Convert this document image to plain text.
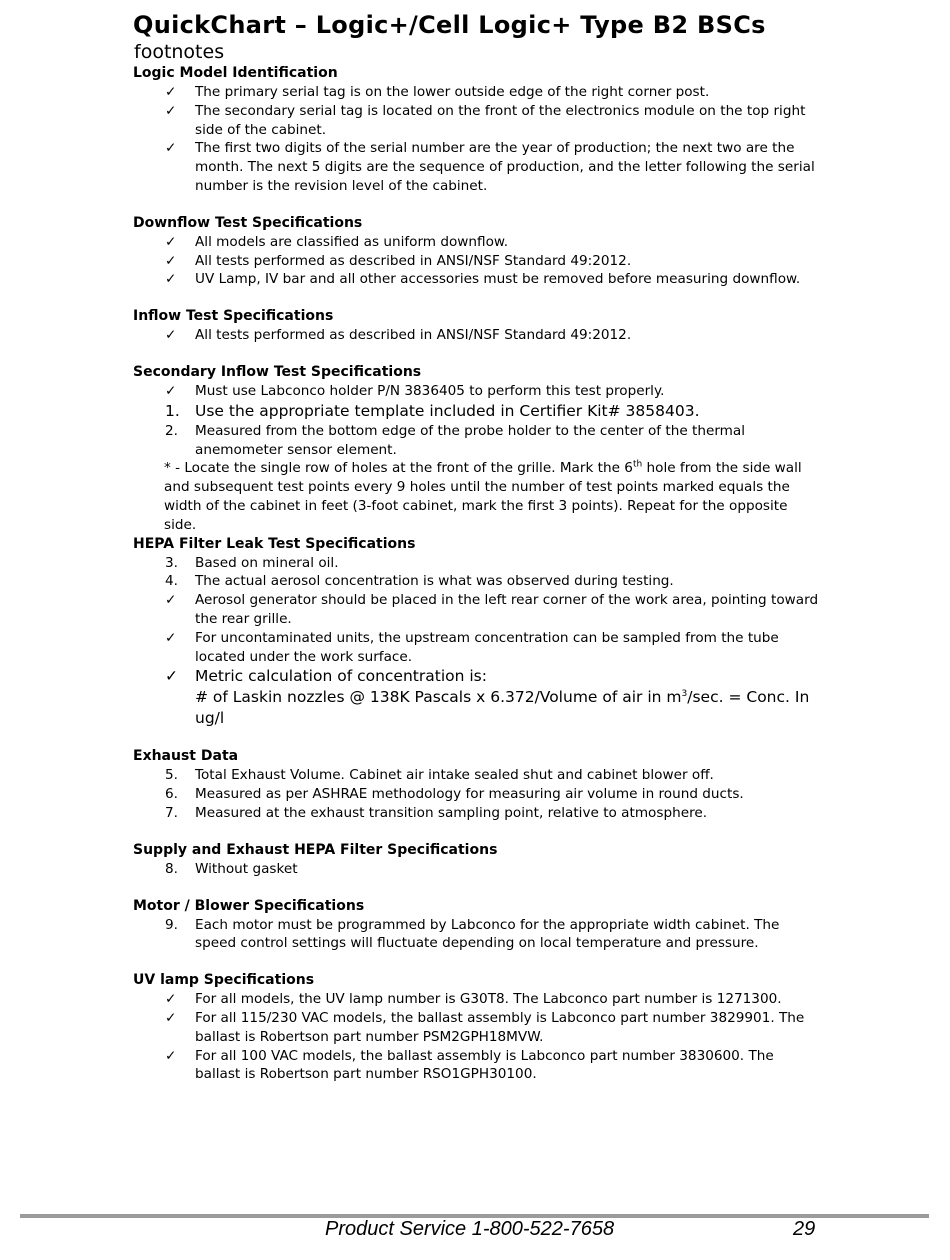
QuickChart – Logic+/Cell Logic+ Type B2 BSCs
footnotes
Logic Model Identification
✓	The primary serial tag is on the lower outside edge of the right corner post.
✓	The secondary serial tag is located on the front of the electronics module on the top right side of the cabinet.
✓	The first two digits of the serial number are the year of production; the next two are the month. The next 5 digits are the sequence of production, and the letter following the serial number is the revision level of the cabinet.
Downflow Test Specifications
✓	All models are classified as uniform downflow.
✓	All tests performed as described in ANSI/NSF Standard 49:2012.
✓	UV Lamp, IV bar and all other accessories must be removed before measuring downflow.
Inflow Test Specifications
✓	All tests performed as described in ANSI/NSF Standard 49:2012.
Secondary Inflow Test Specifications
✓	Must use Labconco holder P/N 3836405 to perform this test properly.
1. Use the appropriate template included in Certifier Kit# 3858403.
2.	Measured from the bottom edge of the probe holder to the center of the thermal anemometer sensor element.
* - Locate the single row of holes at the front of the grille. Mark the 6th hole from the side wall and subsequent test points every 9 holes until the number of test points marked equals the width of the cabinet in feet (3-foot cabinet, mark the first 3 points). Repeat for the opposite side.
HEPA Filter Leak Test Specifications
3.	Based on mineral oil.
4.	The actual aerosol concentration is what was observed during testing.
✓	Aerosol generator should be placed in the left rear corner of the work area, pointing toward the rear grille.
✓	For uncontaminated units, the upstream concentration can be sampled from the tube located under the work surface.
✓	Metric calculation of concentration is:
# of Laskin nozzles @ 138K Pascals x 6.372/Volume of air in $m^3/\sec$. = Conc. In ug/l
Exhaust Data
5.	Total Exhaust Volume. Cabinet air intake sealed shut and cabinet blower off.
6.	Measured as per ASHRAE methodology for measuring air volume in round ducts.
7.	Measured at the exhaust transition sampling point, relative to atmosphere.
Supply and Exhaust HEPA Filter Specifications
8.	Without gasket
Motor / Blower Specifications
9.	Each motor must be programmed by Labconco for the appropriate width cabinet. The speed control settings will fluctuate depending on local temperature and pressure.
UV lamp Specifications
✓	For all models, the UV lamp number is G30T8. The Labconco part number is 1271300.
✓	For all 115/230 VAC models, the ballast assembly is Labconco part number 3829901. The ballast is Robertson part number PSM2GPH18MVW.
✓	For all 100 VAC models, the ballast assembly is Labconco part number 3830600. The ballast is Robertson part number RSO1GPH30100.
Product Service 1-800-522-7658	29
